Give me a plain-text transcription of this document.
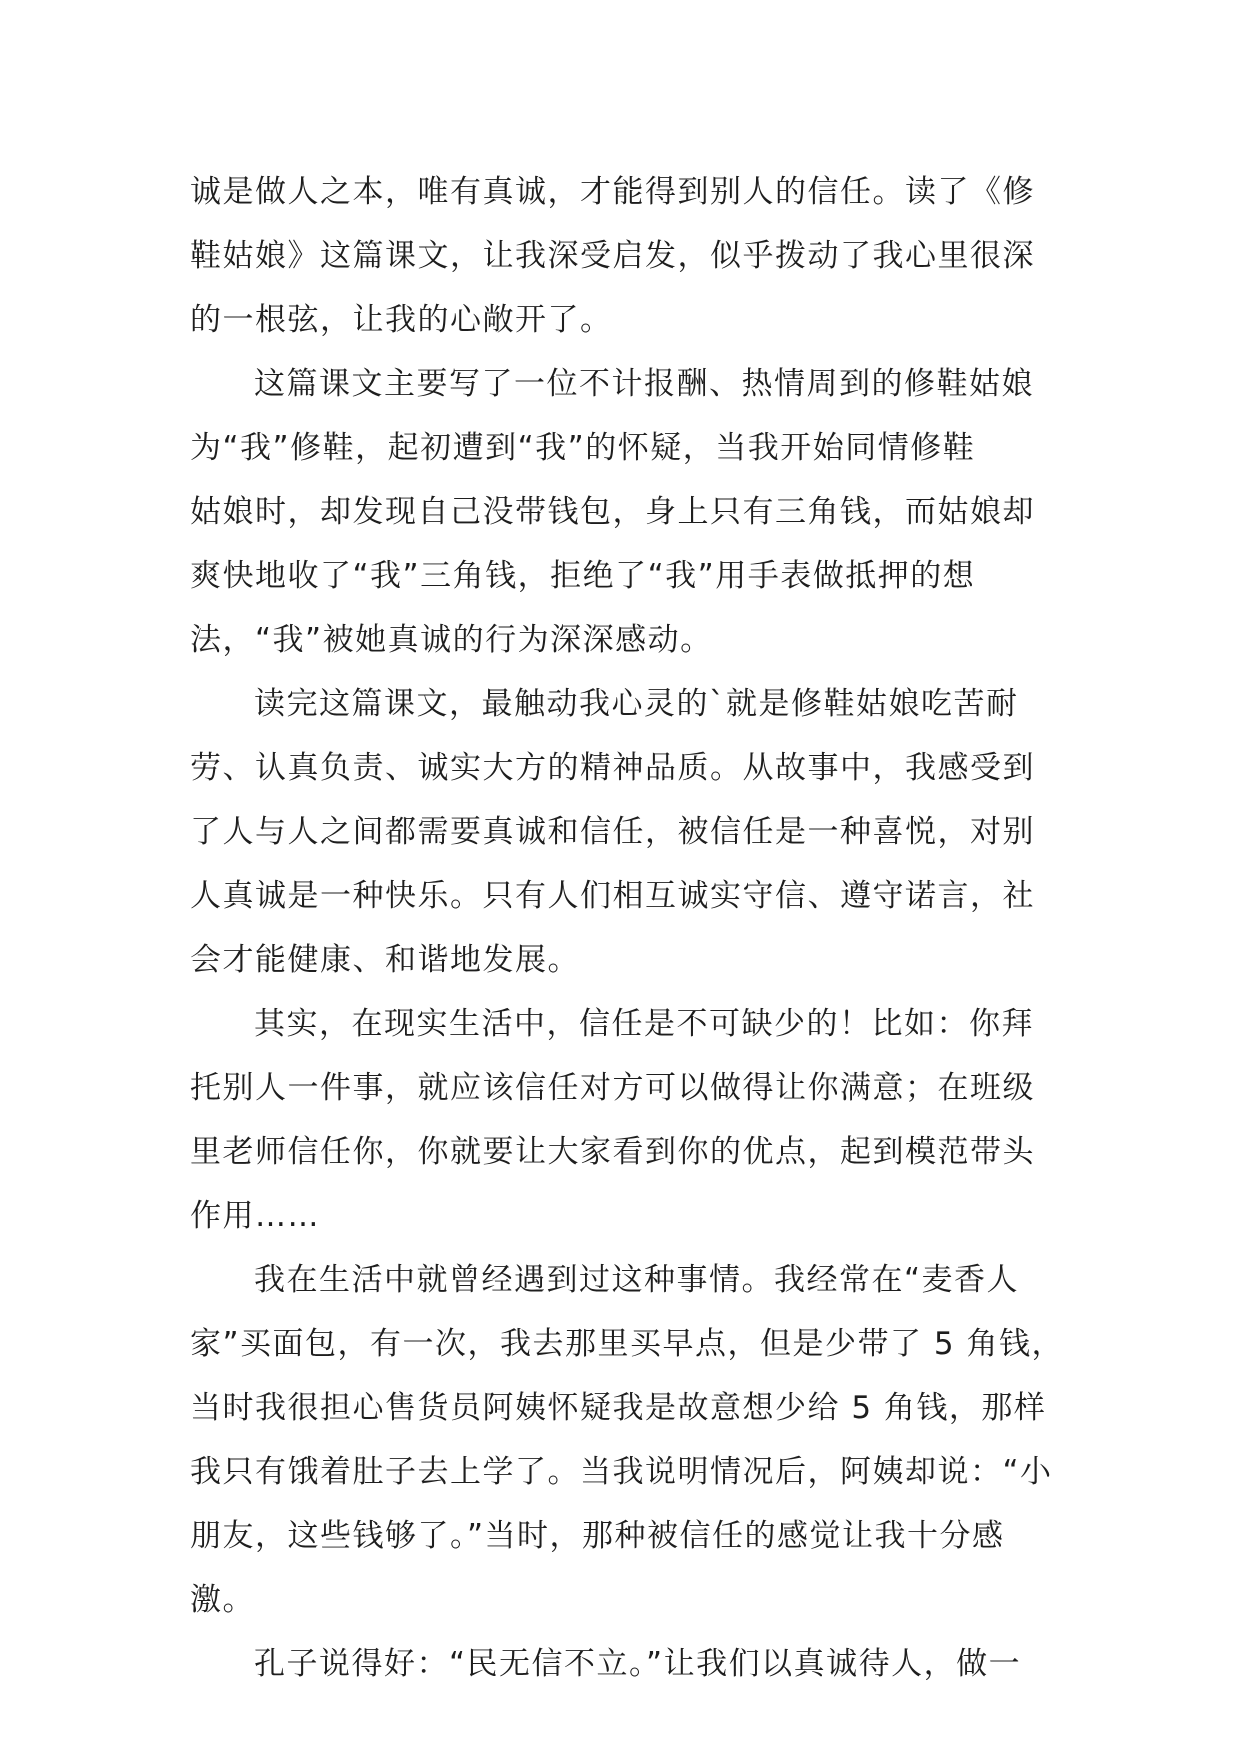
诚是做人之本，唯有真诚，才能得到别人的信任。读了《修
鞋姑娘》这篇课文，让我深受启发，似乎拨动了我心里很深
的一根弦，让我的心敞开了。
这篇课文主要写了一位不计报酬、热情周到的修鞋姑娘
为“我”修鞋，起初遭到“我”的怀疑，当我开始同情修鞋
姑娘时，却发现自己没带钱包，身上只有三角钱，而姑娘却
爽快地收了“我”三角钱，拒绝了“我”用手表做抵押的想
法，“我”被她真诚的行为深深感动。
读完这篇课文，最触动我心灵的`就是修鞋姑娘吃苦耐
劳、认真负责、诚实大方的精神品质。从故事中，我感受到
了人与人之间都需要真诚和信任，被信任是一种喜悦，对别
人真诚是一种快乐。只有人们相互诚实守信、遵守诺言，社
会才能健康、和谐地发展。
其实，在现实生活中，信任是不可缺少的！比如：你拜
托别人一件事，就应该信任对方可以做得让你满意；在班级
里老师信任你，你就要让大家看到你的优点，起到模范带头
作用……
我在生活中就曾经遇到过这种事情。我经常在“麦香人
家”买面包，有一次，我去那里买早点，但是少带了 5 角钱，
当时我很担心售货员阿姨怀疑我是故意想少给 5 角钱，那样
我只有饿着肚子去上学了。当我说明情况后，阿姨却说：“小
朋友，这些钱够了。”当时，那种被信任的感觉让我十分感
激。
孔子说得好：“民无信不立。”让我们以真诚待人，做一
